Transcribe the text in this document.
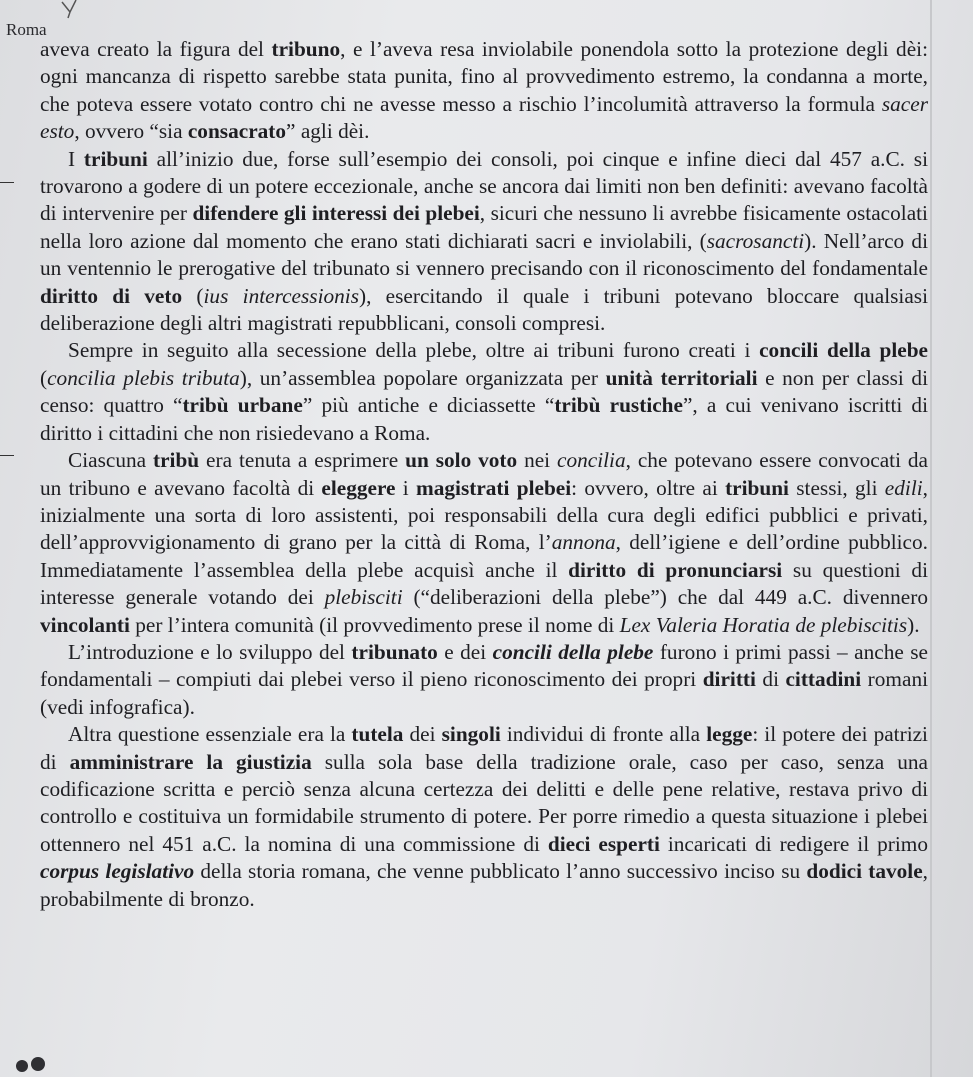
Roma

aveva creato la figura del tribuno, e l’aveva resa inviolabile ponendola sotto la protezione degli dèi: ogni mancanza di rispetto sarebbe stata punita, fino al provvedimento estremo, la condanna a morte, che poteva essere votato contro chi ne avesse messo a rischio l’incolumità attraverso la formula sacer esto, ovvero “sia consacrato” agli dèi.

I tribuni all’inizio due, forse sull’esempio dei consoli, poi cinque e infine dieci dal 457 a.C. si trovarono a godere di un potere eccezionale, anche se ancora dai limiti non ben definiti: avevano facoltà di intervenire per difendere gli interessi dei plebei, sicuri che nessuno li avrebbe fisicamente ostacolati nella loro azione dal momento che erano stati dichiarati sacri e inviolabili, (sacrosancti). Nell’arco di un ventennio le prerogative del tribunato si vennero precisando con il riconoscimento del fondamentale diritto di veto (ius intercessionis), esercitando il quale i tribuni potevano bloccare qualsiasi deliberazione degli altri magistrati repubblicani, consoli compresi.

Sempre in seguito alla secessione della plebe, oltre ai tribuni furono creati i concili della plebe (concilia plebis tributa), un’assemblea popolare organizzata per unità territoriali e non per classi di censo: quattro “tribù urbane” più antiche e diciassette “tribù rustiche”, a cui venivano iscritti di diritto i cittadini che non risiedevano a Roma.

Ciascuna tribù era tenuta a esprimere un solo voto nei concilia, che potevano essere convocati da un tribuno e avevano facoltà di eleggere i magistrati plebei: ovvero, oltre ai tribuni stessi, gli edili, inizialmente una sorta di loro assistenti, poi responsabili della cura degli edifici pubblici e privati, dell’approvvigionamento di grano per la città di Roma, l’annona, dell’igiene e dell’ordine pubblico. Immediatamente l’assemblea della plebe acquisì anche il diritto di pronunciarsi su questioni di interesse generale votando dei plebisciti (“deliberazioni della plebe”) che dal 449 a.C. divennero vincolanti per l’intera comunità (il provvedimento prese il nome di Lex Valeria Horatia de plebiscitis).

L’introduzione e lo sviluppo del tribunato e dei concili della plebe furono i primi passi – anche se fondamentali – compiuti dai plebei verso il pieno riconoscimento dei propri diritti di cittadini romani (vedi infografica).

Altra questione essenziale era la tutela dei singoli individui di fronte alla legge: il potere dei patrizi di amministrare la giustizia sulla sola base della tradizione orale, caso per caso, senza una codificazione scritta e perciò senza alcuna certezza dei delitti e delle pene relative, restava privo di controllo e costituiva un formidabile strumento di potere. Per porre rimedio a questa situazione i plebei ottennero nel 451 a.C. la nomina di una commissione di dieci esperti incaricati di redigere il primo corpus legislativo della storia romana, che venne pubblicato l’anno successivo inciso su dodici tavole, probabilmente di bronzo.
